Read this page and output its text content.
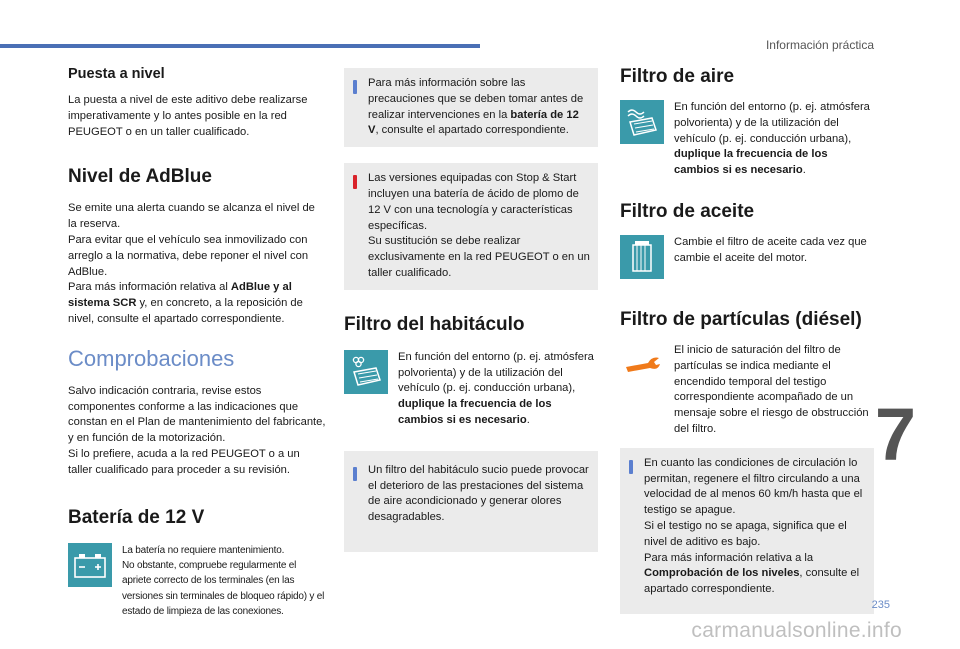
Información práctica
Puesta a nivel

La puesta a nivel de este aditivo debe realizarse imperativamente y lo antes posible en la red PEUGEOT o en un taller cualificado.

Nivel de AdBlue

Se emite una alerta cuando se alcanza el nivel de la reserva.
Para evitar que el vehículo sea inmovilizado con arreglo a la normativa, debe reponer el nivel con AdBlue.
Para más información relativa al AdBlue y al sistema SCR y, en concreto, a la reposición de nivel, consulte el apartado correspondiente.

Comprobaciones

Salvo indicación contraria, revise estos componentes conforme a las indicaciones que constan en el Plan de mantenimiento del fabricante, y en función de la motorización.
Si lo prefiere, acuda a la red PEUGEOT o a un taller cualificado para proceder a su revisión.

Batería de 12 V

La batería no requiere mantenimiento.
No obstante, compruebe regularmente el apriete correcto de los terminales (en las versiones sin terminales de bloqueo rápido) y el estado de limpieza de las conexiones.

Para más información sobre las precauciones que se deben tomar antes de realizar intervenciones en la batería de 12 V, consulte el apartado correspondiente.

Las versiones equipadas con Stop & Start incluyen una batería de ácido de plomo de 12 V con una tecnología y características específicas.
Su sustitución se debe realizar exclusivamente en la red PEUGEOT o en un taller cualificado.

Filtro del habitáculo

En función del entorno (p. ej. atmósfera polvorienta) y de la utilización del vehículo (p. ej. conducción urbana), duplique la frecuencia de los cambios si es necesario.

Un filtro del habitáculo sucio puede provocar el deterioro de las prestaciones del sistema de aire acondicionado y generar olores desagradables.

Filtro de aire

En función del entorno (p. ej. atmósfera polvorienta) y de la utilización del vehículo (p. ej. conducción urbana), duplique la frecuencia de los cambios si es necesario.

Filtro de aceite

Cambie el filtro de aceite cada vez que cambie el aceite del motor.

Filtro de partículas (diésel)

El inicio de saturación del filtro de partículas se indica mediante el encendido temporal del testigo correspondiente acompañado de un mensaje sobre el riesgo de obstrucción del filtro.

En cuanto las condiciones de circulación lo permitan, regenere el filtro circulando a una velocidad de al menos 60 km/h hasta que el testigo se apague.
Si el testigo no se apaga, significa que el nivel de aditivo es bajo.
Para más información relativa a la Comprobación de los niveles, consulte el apartado correspondiente.

7
235
carmanualsonline.info
